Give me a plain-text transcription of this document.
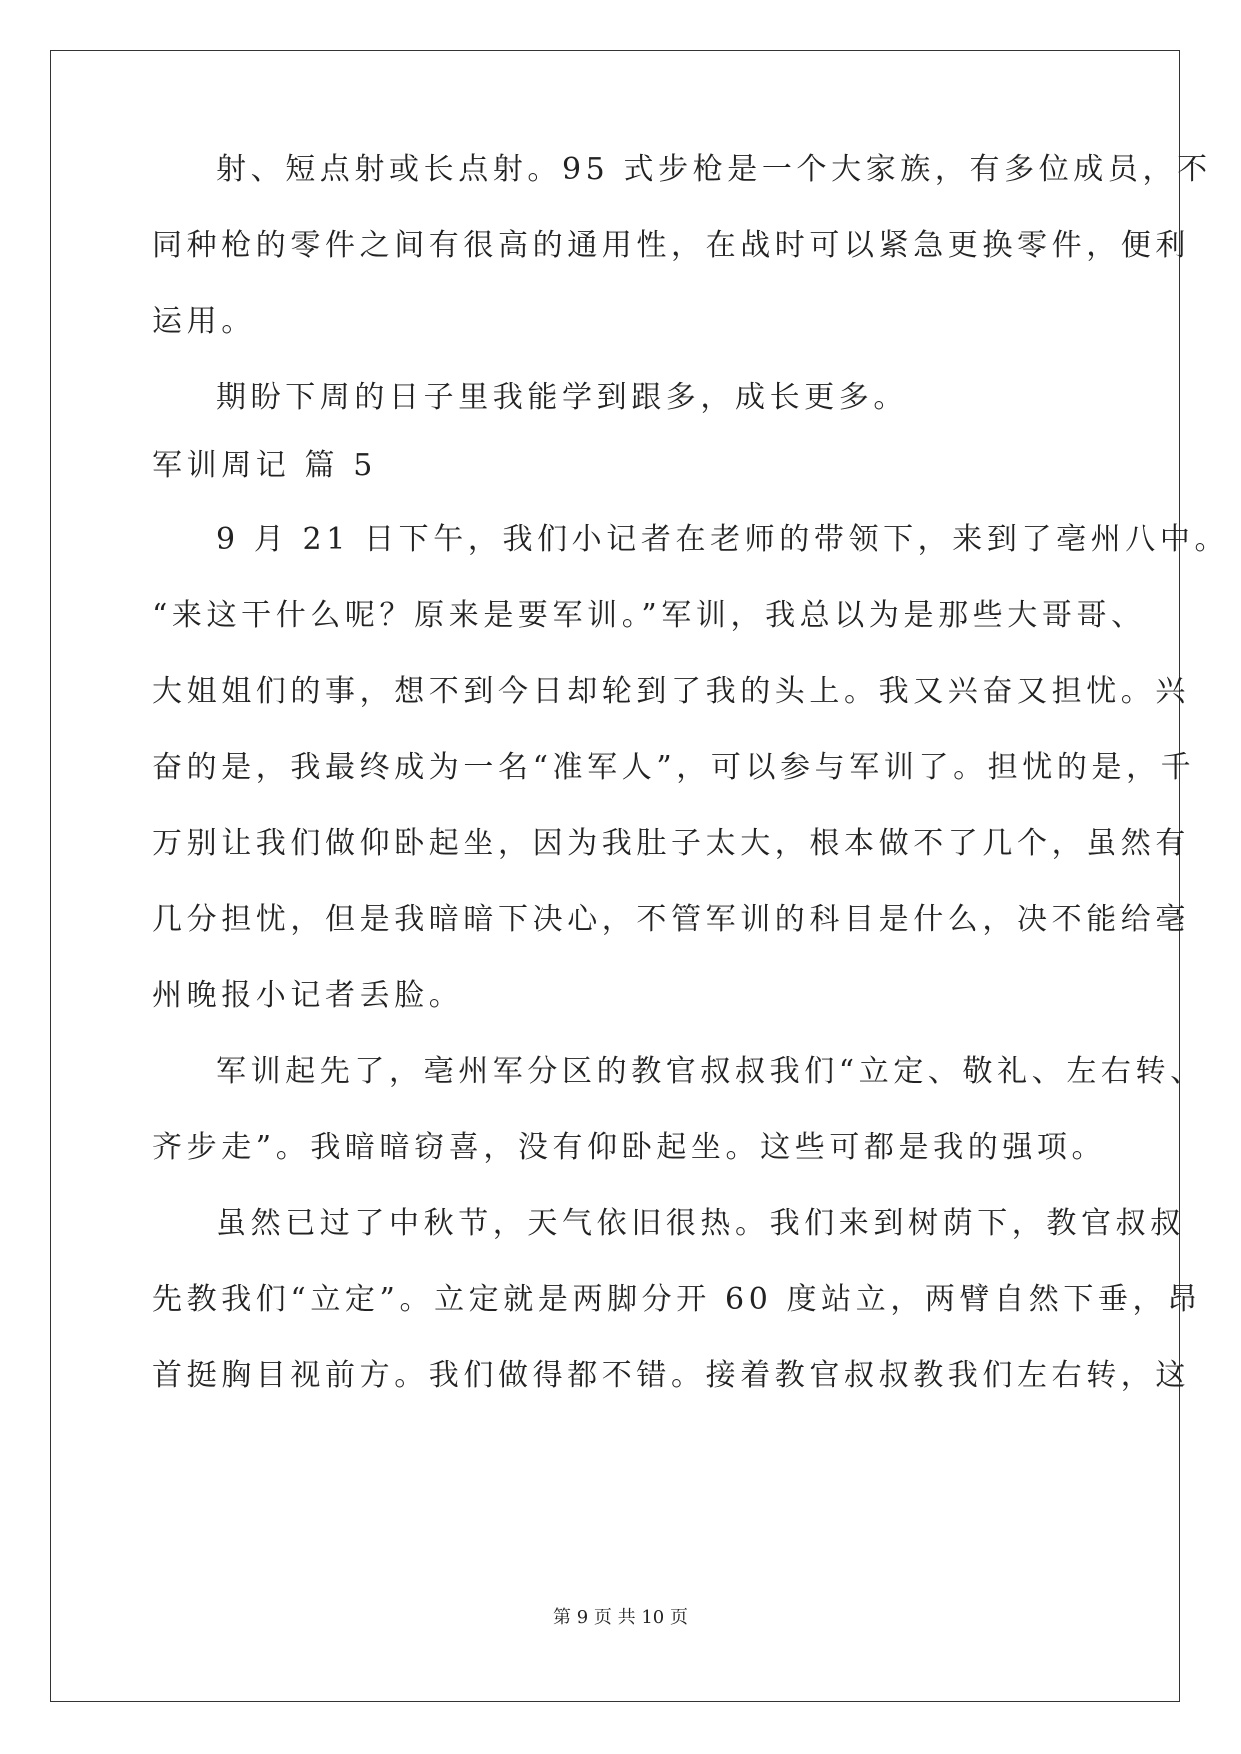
射、短点射或长点射。95 式步枪是一个大家族，有多位成员，不
同种枪的零件之间有很高的通用性，在战时可以紧急更换零件，便利
运用。
期盼下周的日子里我能学到跟多，成长更多。
军训周记 篇 5
9 月 21 日下午，我们小记者在老师的带领下，来到了亳州八中。
“来这干什么呢？原来是要军训。”军训，我总以为是那些大哥哥、
大姐姐们的事，想不到今日却轮到了我的头上。我又兴奋又担忧。兴
奋的是，我最终成为一名“准军人”，可以参与军训了。担忧的是，千
万别让我们做仰卧起坐，因为我肚子太大，根本做不了几个，虽然有
几分担忧，但是我暗暗下决心，不管军训的科目是什么，决不能给亳
州晚报小记者丢脸。
军训起先了，亳州军分区的教官叔叔我们“立定、敬礼、左右转、
齐步走”。我暗暗窃喜，没有仰卧起坐。这些可都是我的强项。
虽然已过了中秋节，天气依旧很热。我们来到树荫下，教官叔叔
先教我们“立定”。立定就是两脚分开 60 度站立，两臂自然下垂，昂
首挺胸目视前方。我们做得都不错。接着教官叔叔教我们左右转，这
第 9 页 共 10 页
